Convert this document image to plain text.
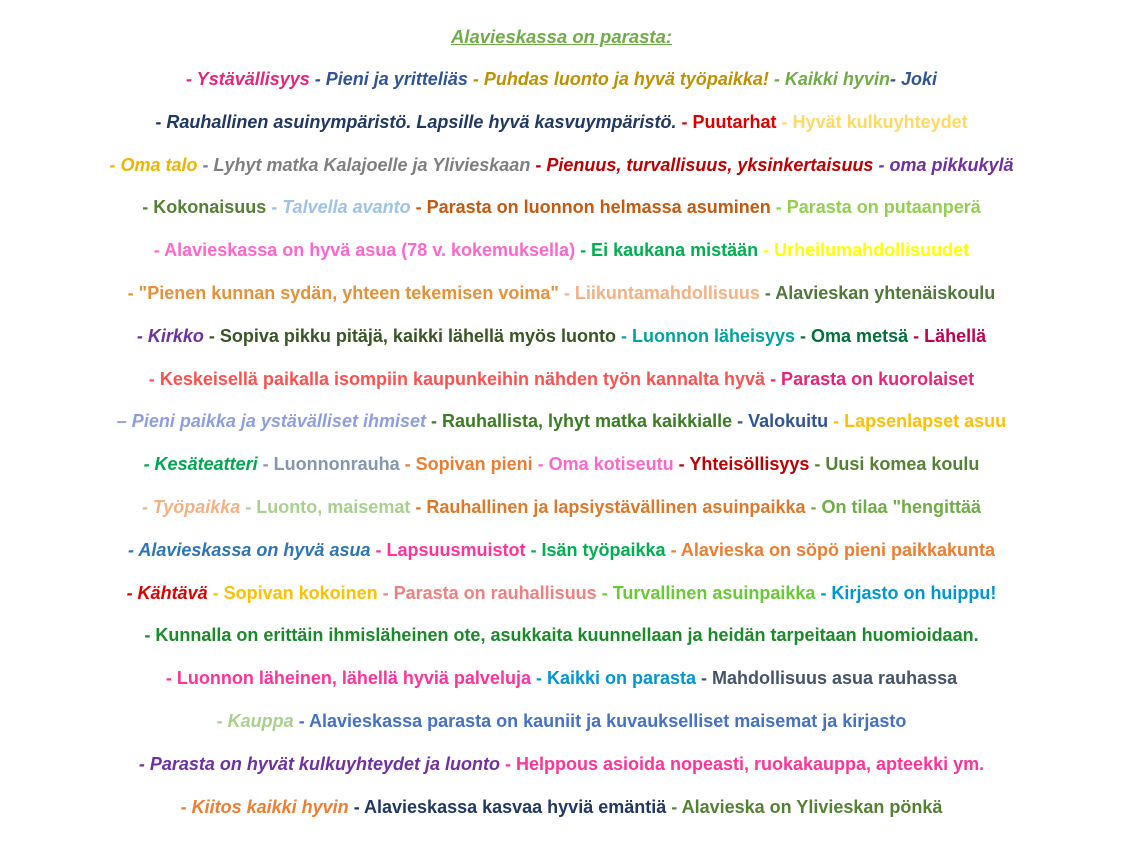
Alavieskassa on parasta:
- Ystävällisyys - Pieni ja yritteliäs - Puhdas luonto ja hyvä työpaikka! - Kaikki hyvin- Joki
- Rauhallinen asuinympäristö. Lapsille hyvä kasvuympäristö. - Puutarhat - Hyvät kulkuyhteydet
- Oma talo - Lyhyt matka Kalajoelle ja Ylivieskaan - Pienuus, turvallisuus, yksinkertaisuus - oma pikkukylä
- Kokonaisuus - Talvella avanto - Parasta on luonnon helmassa asuminen - Parasta on putaanperä
- Alavieskassa on hyvä asua (78 v. kokemuksella) - Ei kaukana mistään - Urheilumahdollisuudet
- "Pienen kunnan sydän, yhteen tekemisen voima" - Liikuntamahdollisuus - Alavieskan yhtenäiskoulu
- Kirkko - Sopiva pikku pitäjä, kaikki lähellä myös luonto - Luonnon läheisyys - Oma metsä - Lähellä
- Keskeisellä paikalla isompiin kaupunkeihin nähden työn kannalta hyvä - Parasta on kuorolaiset
– Pieni paikka ja ystävälliset ihmiset - Rauhallista, lyhyt matka kaikkialle - Valokuitu - Lapsenlapset asuu
- Kesäteatteri - Luonnonrauha - Sopivan pieni - Oma kotiseutu - Yhteisöllisyys - Uusi komea koulu
- Työpaikka - Luonto, maisemat - Rauhallinen ja lapsiystävällinen asuinpaikka - On tilaa "hengittää
- Alavieskassa on hyvä asua - Lapsuusmuistot - Isän työpaikka - Alavieska on söpö pieni paikkakunta
- Kähtävä - Sopivan kokoinen - Parasta on rauhallisuus - Turvallinen asuinpaikka - Kirjasto on huippu!
- Kunnalla on erittäin ihmisläheinen ote, asukkaita kuunnellaan ja heidän tarpeitaan huomioidaan.
- Luonnon läheinen, lähellä hyviä palveluja - Kaikki on parasta - Mahdollisuus asua rauhassa
- Kauppa - Alavieskassa parasta on kauniit ja kuvaukselliset maisemat ja kirjasto
- Parasta on hyvät kulkuyhteydet ja luonto - Helppous asioida nopeasti, ruokakauppa, apteekki ym.
- Kiitos kaikki hyvin - Alavieskassa kasvaa hyviä emäntiä - Alavieska on Ylivieskan pönkä
